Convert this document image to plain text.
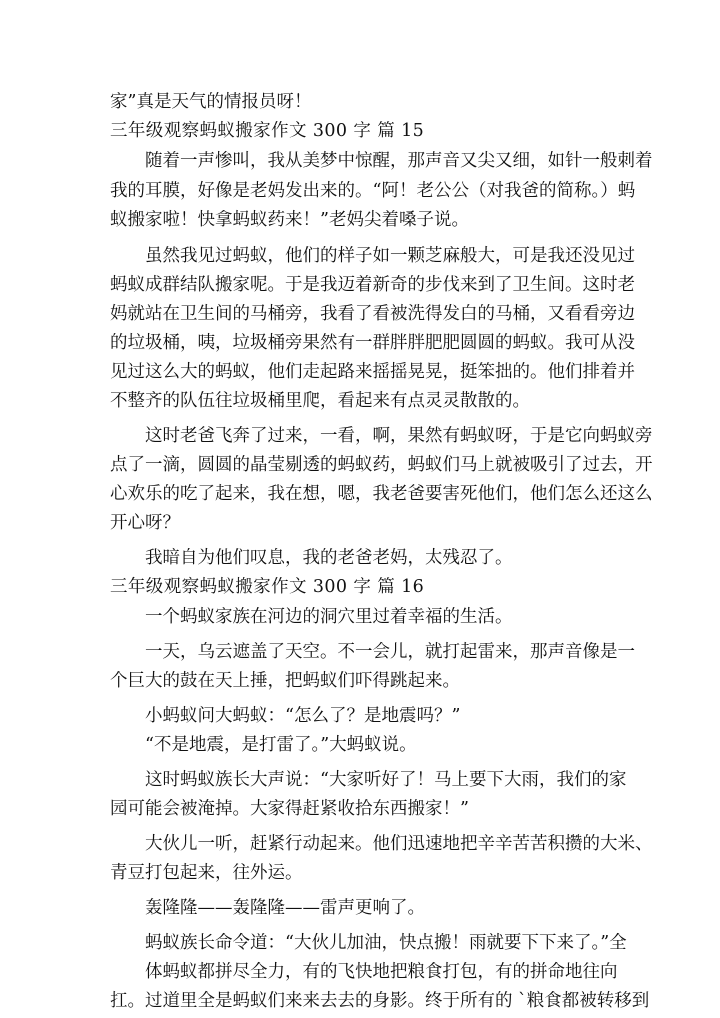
家”真是天气的情报员呀！

三年级观察蚂蚁搬家作文 300 字 篇 15

随着一声惨叫，我从美梦中惊醒，那声音又尖又细，如针一般刺着

我的耳膜，好像是老妈发出来的。“阿！老公公（对我爸的简称。）蚂

蚁搬家啦！快拿蚂蚁药来！”老妈尖着嗓子说。

虽然我见过蚂蚁，他们的样子如一颗芝麻般大，可是我还没见过

蚂蚁成群结队搬家呢。于是我迈着新奇的步伐来到了卫生间。这时老

妈就站在卫生间的马桶旁，我看了看被洗得发白的马桶，又看看旁边

的垃圾桶，咦，垃圾桶旁果然有一群胖胖肥肥圆圆的蚂蚁。我可从没

见过这么大的蚂蚁，他们走起路来摇摇晃晃，挺笨拙的。他们排着并

不整齐的队伍往垃圾桶里爬，看起来有点灵灵散散的。

这时老爸飞奔了过来，一看，啊，果然有蚂蚁呀，于是它向蚂蚁旁

点了一滴，圆圆的晶莹剔透的蚂蚁药，蚂蚁们马上就被吸引了过去，开

心欢乐的吃了起来，我在想，嗯，我老爸要害死他们，他们怎么还这么

开心呀？

我暗自为他们叹息，我的老爸老妈，太残忍了。

三年级观察蚂蚁搬家作文 300 字 篇 16

一个蚂蚁家族在河边的洞穴里过着幸福的生活。

一天，乌云遮盖了天空。不一会儿，就打起雷来，那声音像是一

个巨大的鼓在天上捶，把蚂蚁们吓得跳起来。

小蚂蚁问大蚂蚁：“怎么了？是地震吗？”

“不是地震，是打雷了。”大蚂蚁说。

这时蚂蚁族长大声说：“大家听好了！马上要下大雨，我们的家

园可能会被淹掉。大家得赶紧收拾东西搬家！”

大伙儿一听，赶紧行动起来。他们迅速地把辛辛苦苦积攒的大米、

青豆打包起来，往外运。

轰隆隆——轰隆隆——雷声更响了。

蚂蚁族长命令道：“大伙儿加油，快点搬！雨就要下下来了。”全

体蚂蚁都拼尽全力，有的飞快地把粮食打包，有的拼命地往向

扛。过道里全是蚂蚁们来来去去的身影。终于所有的 `粮食都被转移到
